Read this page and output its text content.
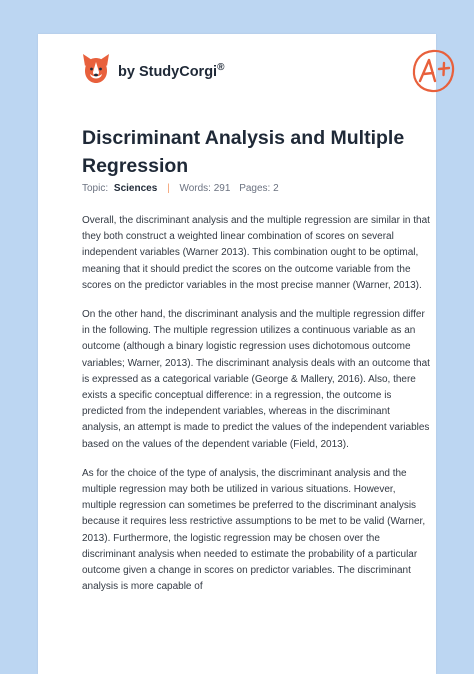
by StudyCorgi®
Discriminant Analysis and Multiple Regression
Topic: Sciences | Words: 291 Pages: 2

Overall, the discriminant analysis and the multiple regression are similar in that they both construct a weighted linear combination of scores on several independent variables (Warner 2013). This combination ought to be optimal, meaning that it should predict the scores on the outcome variable from the scores on the predictor variables in the most precise manner (Warner, 2013).

On the other hand, the discriminant analysis and the multiple regression differ in the following. The multiple regression utilizes a continuous variable as an outcome (although a binary logistic regression uses dichotomous outcome variables; Warner, 2013). The discriminant analysis deals with an outcome that is expressed as a categorical variable (George & Mallery, 2016). Also, there exists a specific conceptual difference: in a regression, the outcome is predicted from the independent variables, whereas in the discriminant analysis, an attempt is made to predict the values of the independent variables based on the values of the dependent variable (Field, 2013).

As for the choice of the type of analysis, the discriminant analysis and the multiple regression may both be utilized in various situations. However, multiple regression can sometimes be preferred to the discriminant analysis because it requires less restrictive assumptions to be met to be valid (Warner, 2013). Furthermore, the logistic regression may be chosen over the discriminant analysis when needed to estimate the probability of a particular outcome given a change in scores on predictor variables. The discriminant analysis is more capable of
